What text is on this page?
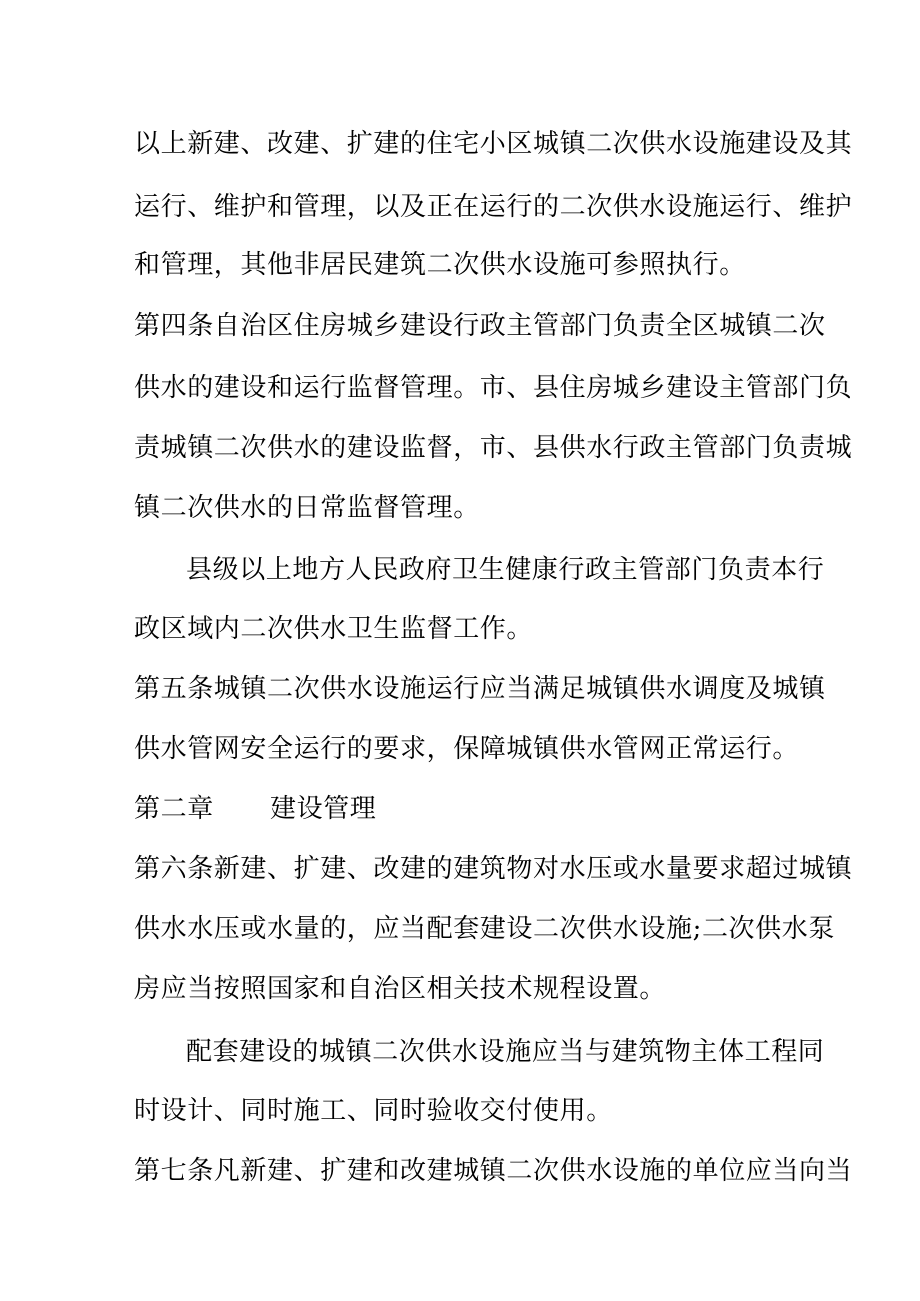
以上新建、改建、扩建的住宅小区城镇二次供水设施建设及其
运行、维护和管理，以及正在运行的二次供水设施运行、维护
和管理，其他非居民建筑二次供水设施可参照执行。
第四条自治区住房城乡建设行政主管部门负责全区城镇二次
供水的建设和运行监督管理。市、县住房城乡建设主管部门负
责城镇二次供水的建设监督，市、县供水行政主管部门负责城
镇二次供水的日常监督管理。
县级以上地方人民政府卫生健康行政主管部门负责本行
政区域内二次供水卫生监督工作。
第五条城镇二次供水设施运行应当满足城镇供水调度及城镇
供水管网安全运行的要求，保障城镇供水管网正常运行。
第二章 建设管理
第六条新建、扩建、改建的建筑物对水压或水量要求超过城镇
供水水压或水量的，应当配套建设二次供水设施;二次供水泵
房应当按照国家和自治区相关技术规程设置。
配套建设的城镇二次供水设施应当与建筑物主体工程同
时设计、同时施工、同时验收交付使用。
第七条凡新建、扩建和改建城镇二次供水设施的单位应当向当
